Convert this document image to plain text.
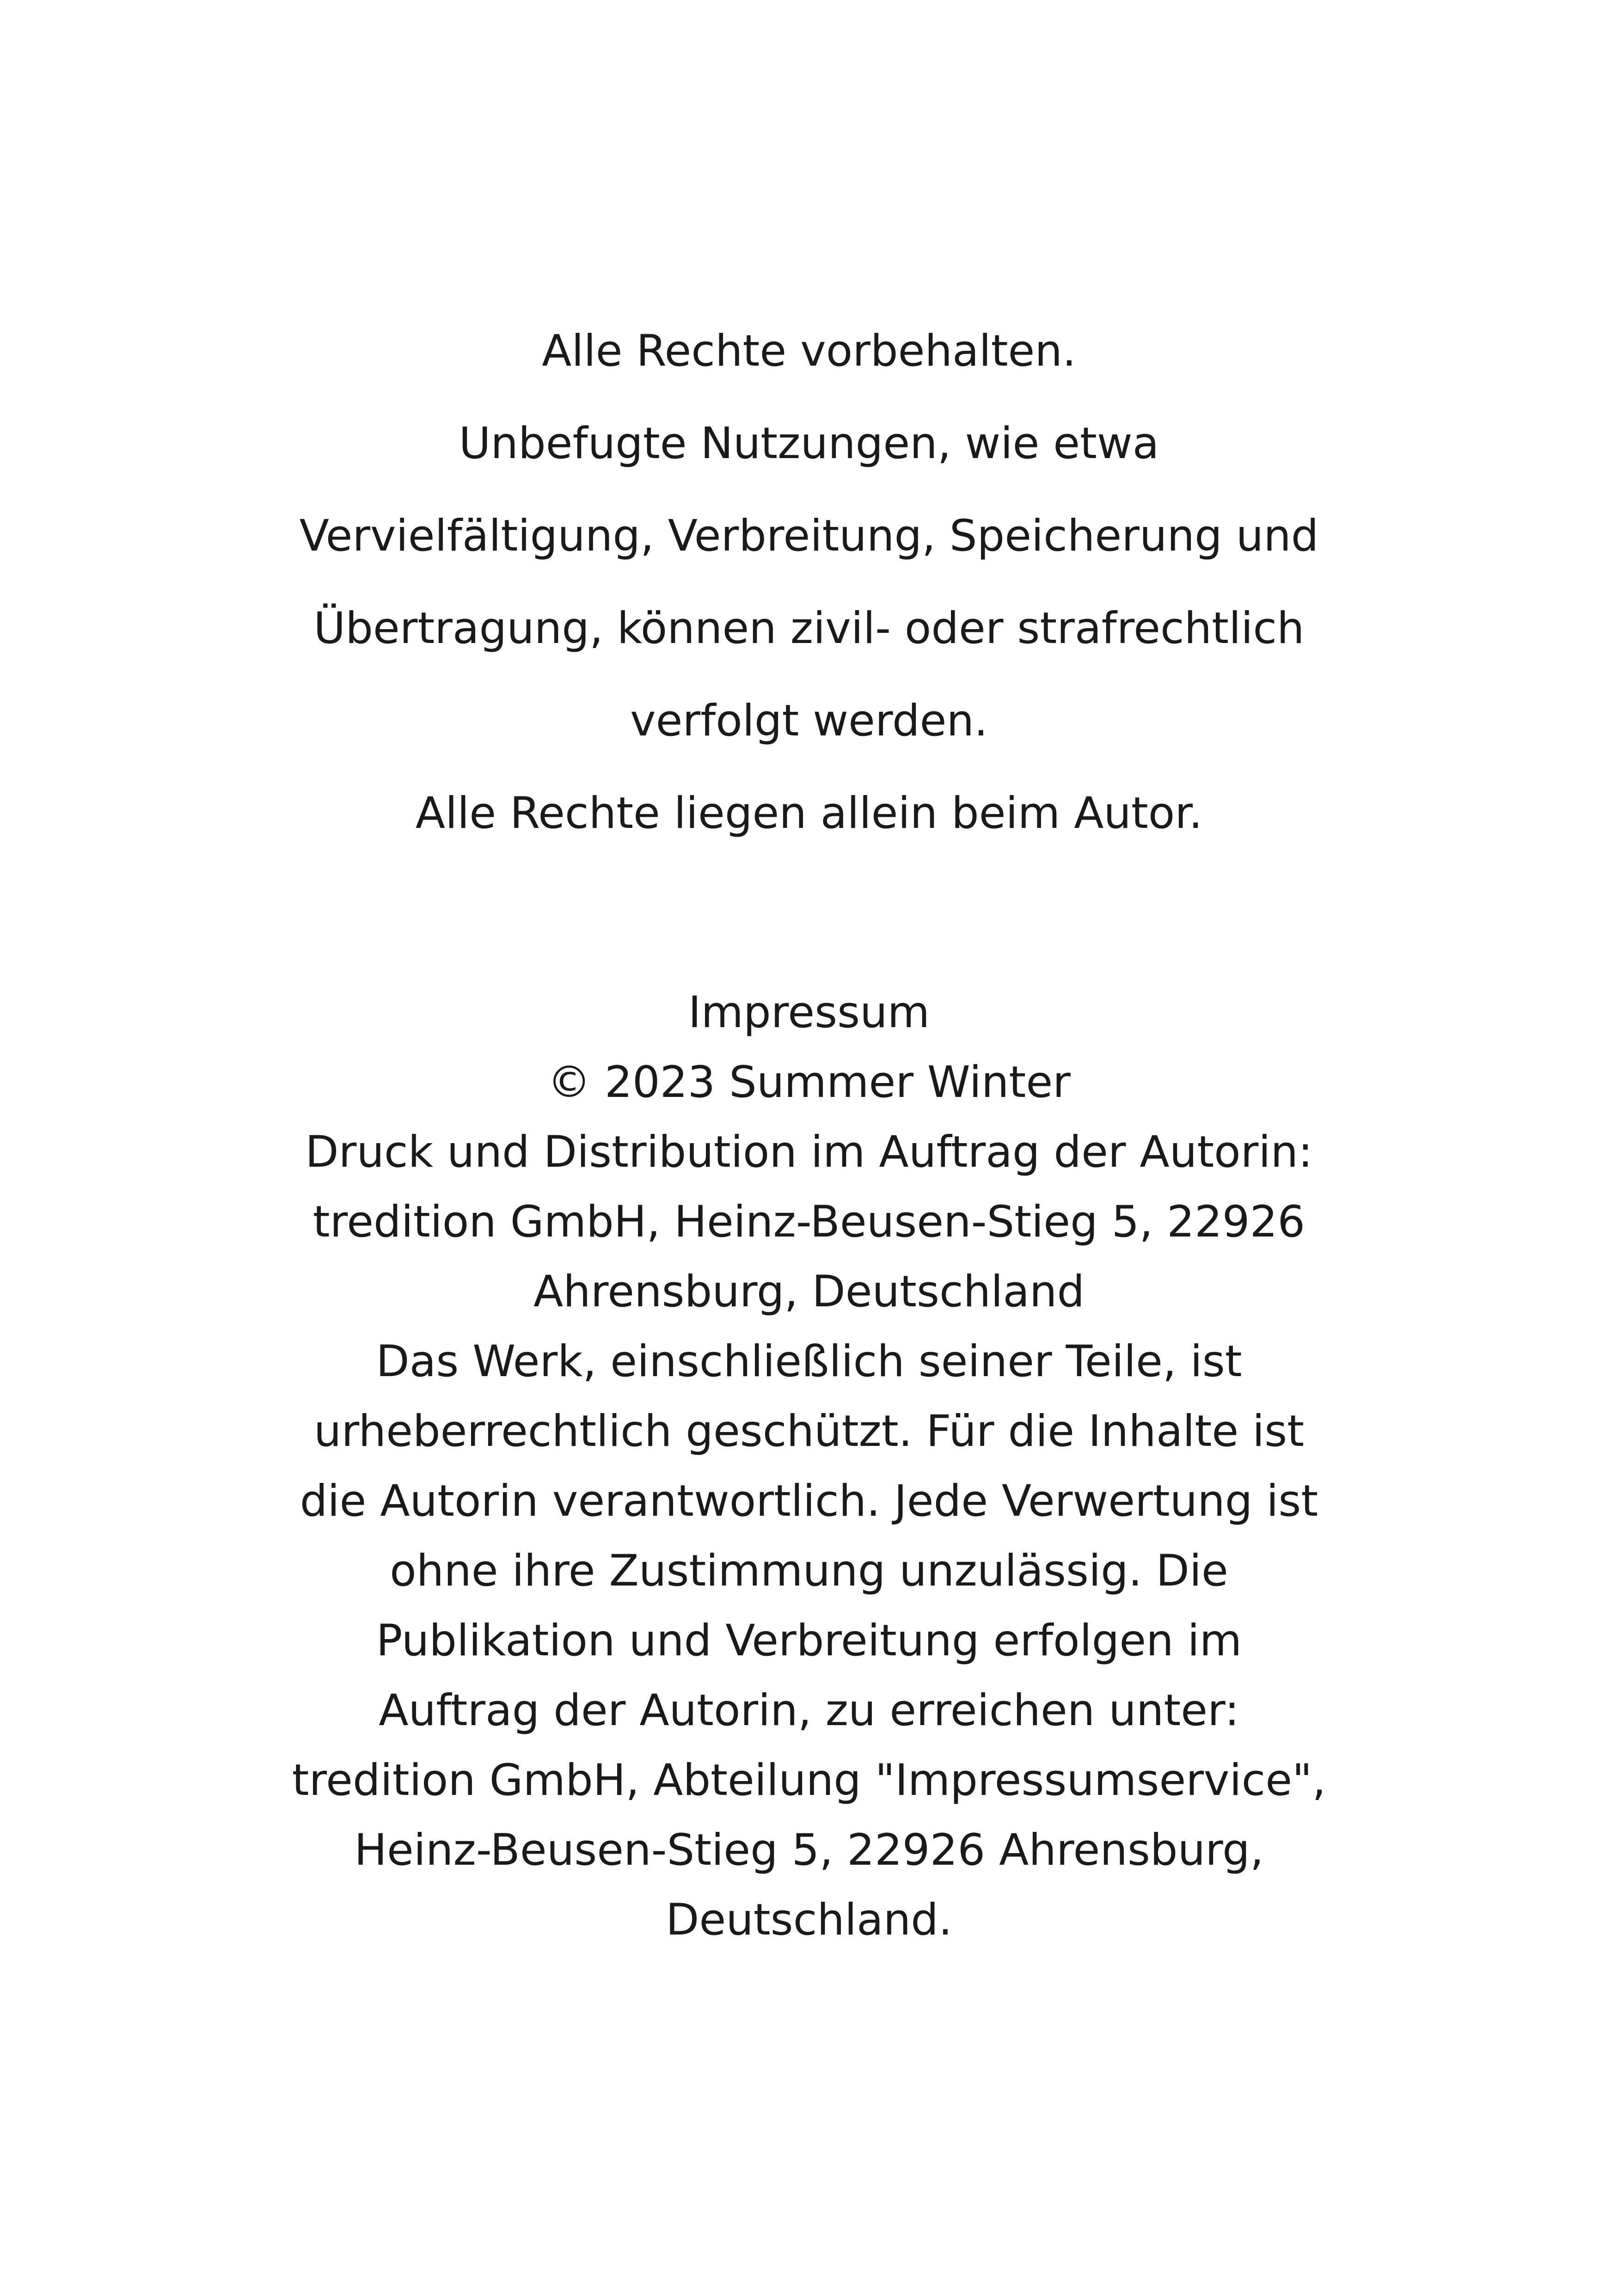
Alle Rechte vorbehalten.
Unbefugte Nutzungen, wie etwa
Vervielfältigung, Verbreitung, Speicherung und
Übertragung, können zivil- oder strafrechtlich
verfolgt werden.
Alle Rechte liegen allein beim Autor.
Impressum
© 2023 Summer Winter
Druck und Distribution im Auftrag der Autorin:
tredition GmbH, Heinz-Beusen-Stieg 5, 22926
Ahrensburg, Deutschland
Das Werk, einschließlich seiner Teile, ist
urheberrechtlich geschützt. Für die Inhalte ist
die Autorin verantwortlich. Jede Verwertung ist
ohne ihre Zustimmung unzulässig. Die
Publikation und Verbreitung erfolgen im
Auftrag der Autorin, zu erreichen unter:
tredition GmbH, Abteilung "Impressumservice",
Heinz-Beusen-Stieg 5, 22926 Ahrensburg,
Deutschland.
